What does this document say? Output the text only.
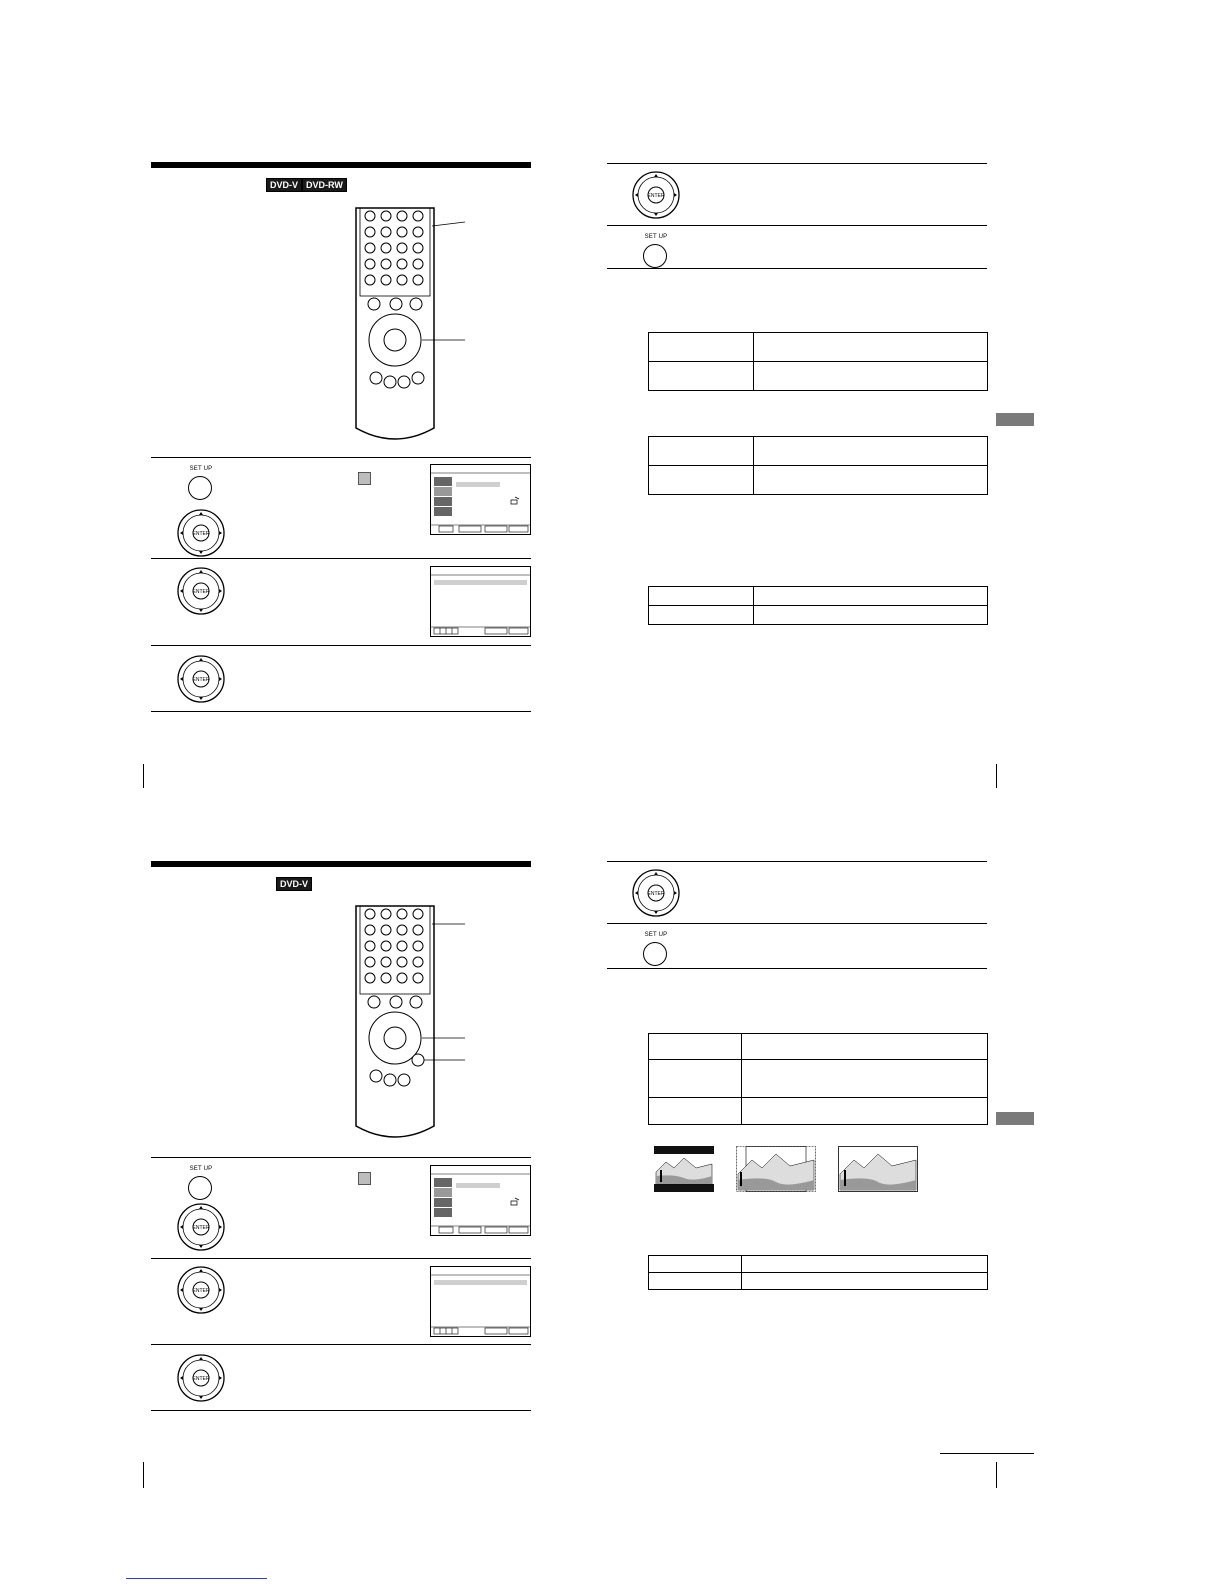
DVD-V DVD-RW
SET UP
ENTER
ENTER
ENTER
ENTER
SET UP

DVD-V
SET UP
ENTER
ENTER
ENTER
ENTER
SET UP
